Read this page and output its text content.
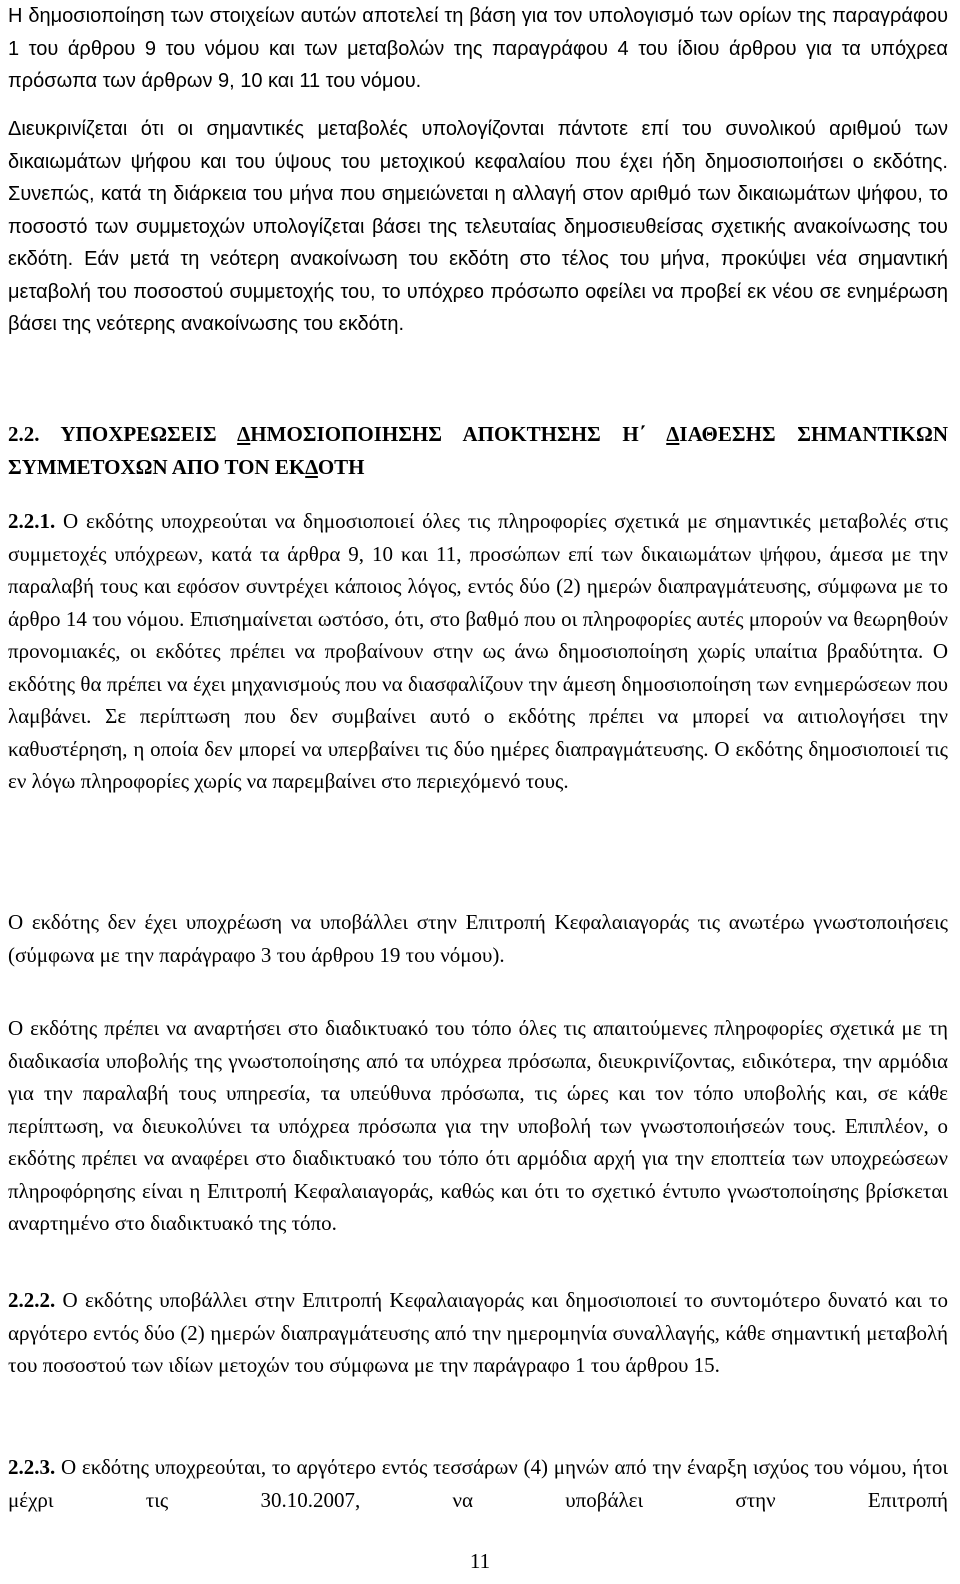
Η δημοσιοποίηση των στοιχείων αυτών αποτελεί τη βάση για τον υπολογισμό των ορίων της παραγράφου 1 του άρθρου 9 του νόμου και των μεταβολών της παραγράφου 4 του ίδιου άρθρου για τα υπόχρεα πρόσωπα των άρθρων 9, 10 και 11 του νόμου.

Διευκρινίζεται ότι οι σημαντικές μεταβολές υπολογίζονται πάντοτε επί του συνολικού αριθμού των δικαιωμάτων ψήφου και του ύψους του μετοχικού κεφαλαίου που έχει ήδη δημοσιοποιήσει ο εκδότης. Συνεπώς, κατά τη διάρκεια του μήνα που σημειώνεται η αλλαγή στον αριθμό των δικαιωμάτων ψήφου, το ποσοστό των συμμετοχών υπολογίζεται βάσει της τελευταίας δημοσιευθείσας σχετικής ανακοίνωσης του εκδότη. Εάν μετά τη νεότερη ανακοίνωση του εκδότη στο τέλος του μήνα, προκύψει νέα σημαντική μεταβολή του ποσοστού συμμετοχής του, το υπόχρεο πρόσωπο οφείλει να προβεί εκ νέου σε ενημέρωση βάσει της νεότερης ανακοίνωσης του εκδότη.

2.2. ΥΠΟΧΡΕΩΣΕΙΣ ΔΗΜΟΣΙΟΠΟΙΗΣΗΣ ΑΠΟΚΤΗΣΗΣ Η΄ ΔΙΑΘΕΣΗΣ ΣΗΜΑΝΤΙΚΩΝ ΣΥΜΜΕΤΟΧΩΝ ΑΠΟ ΤΟΝ ΕΚΔΟΤΗ

2.2.1. Ο εκδότης υποχρεούται να δημοσιοποιεί όλες τις πληροφορίες σχετικά με σημαντικές μεταβολές στις συμμετοχές υπόχρεων, κατά τα άρθρα 9, 10 και 11, προσώπων επί των δικαιωμάτων ψήφου, άμεσα με την παραλαβή τους και εφόσον συντρέχει κάποιος λόγος, εντός δύο (2) ημερών διαπραγμάτευσης, σύμφωνα με το άρθρο 14 του νόμου. Επισημαίνεται ωστόσο, ότι, στο βαθμό που οι πληροφορίες αυτές μπορούν να θεωρηθούν προνομιακές, οι εκδότες πρέπει να προβαίνουν στην ως άνω δημοσιοποίηση χωρίς υπαίτια βραδύτητα. Ο εκδότης θα πρέπει να έχει μηχανισμούς που να διασφαλίζουν την άμεση δημοσιοποίηση των ενημερώσεων που λαμβάνει. Σε περίπτωση που δεν συμβαίνει αυτό ο εκδότης πρέπει να μπορεί να αιτιολογήσει την καθυστέρηση, η οποία δεν μπορεί να υπερβαίνει τις δύο ημέρες διαπραγμάτευσης. Ο εκδότης δημοσιοποιεί τις εν λόγω πληροφορίες χωρίς να παρεμβαίνει στο περιεχόμενό τους.

Ο εκδότης δεν έχει υποχρέωση να υποβάλλει στην Επιτροπή Κεφαλαιαγοράς τις ανωτέρω γνωστοποιήσεις (σύμφωνα με την παράγραφο 3 του άρθρου 19 του νόμου).

Ο εκδότης πρέπει να αναρτήσει στο διαδικτυακό του τόπο όλες τις απαιτούμενες πληροφορίες σχετικά με τη διαδικασία υποβολής της γνωστοποίησης από τα υπόχρεα πρόσωπα, διευκρινίζοντας, ειδικότερα, την αρμόδια για την παραλαβή τους υπηρεσία, τα υπεύθυνα πρόσωπα, τις ώρες και τον τόπο υποβολής και, σε κάθε περίπτωση, να διευκολύνει τα υπόχρεα πρόσωπα για την υποβολή των γνωστοποιήσεών τους. Επιπλέον, ο εκδότης πρέπει να αναφέρει στο διαδικτυακό του τόπο ότι αρμόδια αρχή για την εποπτεία των υποχρεώσεων πληροφόρησης είναι η Επιτροπή Κεφαλαιαγοράς, καθώς και ότι το σχετικό έντυπο γνωστοποίησης βρίσκεται αναρτημένο στο διαδικτυακό της τόπο.

2.2.2. Ο εκδότης υποβάλλει στην Επιτροπή Κεφαλαιαγοράς και δημοσιοποιεί το συντομότερο δυνατό και το αργότερο εντός δύο (2) ημερών διαπραγμάτευσης από την ημερομηνία συναλλαγής, κάθε σημαντική μεταβολή του ποσοστού των ιδίων μετοχών του σύμφωνα με την παράγραφο 1 του άρθρου 15.

2.2.3. Ο εκδότης υποχρεούται, το αργότερο εντός τεσσάρων (4) μηνών από την έναρξη ισχύος του νόμου, ήτοι μέχρι τις 30.10.2007, να υποβάλει στην Επιτροπή

11
